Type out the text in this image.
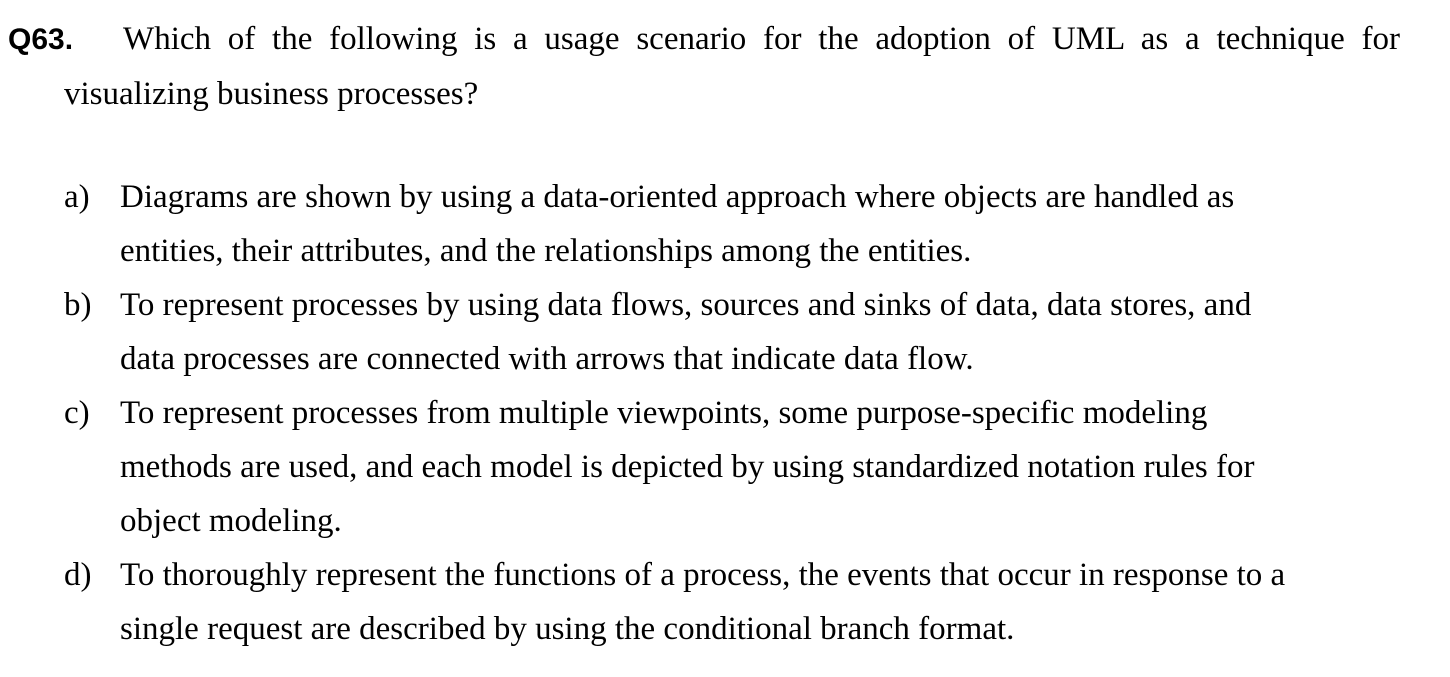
Q63. Which of the following is a usage scenario for the adoption of UML as a technique for
visualizing business processes?
a) Diagrams are shown by using a data-oriented approach where objects are handled as
entities, their attributes, and the relationships among the entities.
b) To represent processes by using data flows, sources and sinks of data, data stores, and
data processes are connected with arrows that indicate data flow.
c) To represent processes from multiple viewpoints, some purpose-specific modeling
methods are used, and each model is depicted by using standardized notation rules for
object modeling.
d) To thoroughly represent the functions of a process, the events that occur in response to a
single request are described by using the conditional branch format.
